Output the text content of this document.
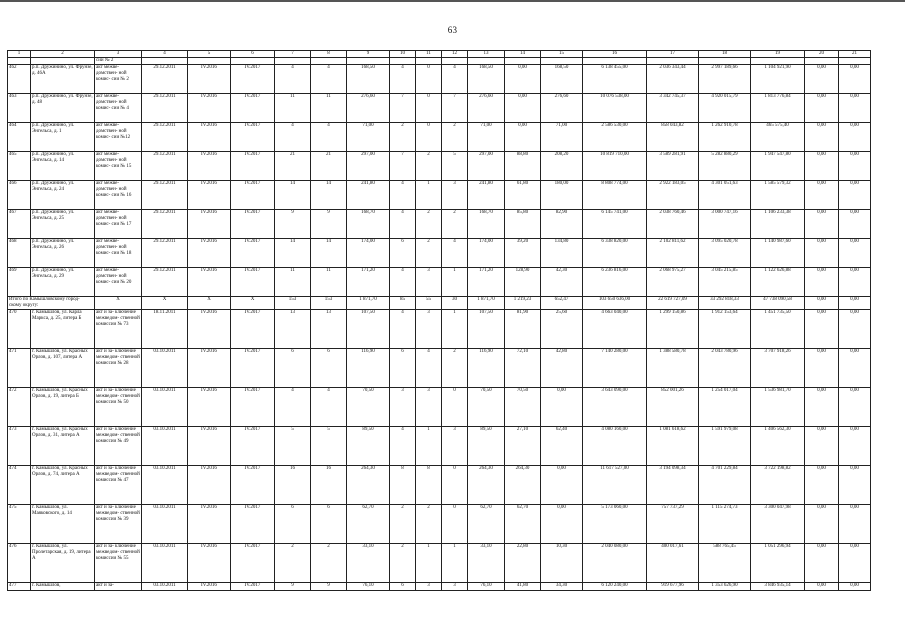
63
1	2	3	4	5	6	7	8	9	10	11	12	13	14	15	16	17	18	19	20	21
		сии № 2																		
462	р.п. Дружинино, ул. Фрунзе, д. 46А	акт межве- домствен- ной комис- сии № 2	29.12.2011	IV.2016	IV.2017	4	4	168,50	4	0	4	168,50	0,00	168,50	6 138 455,00	2 036 343,44	2 997 189,66	1 104 921,90	0,00	0,00
463	р.п. Дружинино, ул. Фрунзе, д. 48	акт межве- домствен- ной комис- сии № 4	29.12.2011	IV.2016	IV.2017	11	11	276,60	7	0	7	276,60	0,00	276,60	10 076 538,00	3 342 745,37	4 920 015,79	1 813 776,84	0,00	0,00
464	р.п. Дружинино, ул. Энгельса, д. 1	акт межве- домствен- ной комис- сии №12	29.12.2011	IV.2016	IV.2017	4	4	71,00	2	0	2	71,00	0,00	71,00	2 586 530,00	858 043,82	1 262 910,78	465 575,40	0,00	0,00
465	р.п. Дружинино, ул. Энгельса, д. 14	акт межве- домствен- ной комис- сии № 15	29.12.2011	IV.2016	IV.2017	21	21	297,00	7	2	5	297,00	88,80	208,20	10 819 710,00	3 589 281,91	5 282 880,29	1 947 547,80	0,00	0,00
466	р.п. Дружинино, ул. Энгельса, д. 24	акт межве- домствен- ной комис- сии № 16	29.12.2011	IV.2016	IV.2017	14	14	241,80	4	1	3	241,80	61,80	180,00	8 808 774,00	2 922 183,05	4 301 051,63	1 585 579,32	0,00	0,00
467	р.п. Дружинино, ул. Энгельса, д. 25	акт межве- домствен- ной комис- сии № 17	29.12.2011	IV.2016	IV.2017	9	9	168,70	4	2	2	168,70	85,80	82,90	6 145 741,00	2 038 760,46	3 000 747,16	1 106 233,38	0,00	0,00
468	р.п. Дружинино, ул. Энгельса, д. 26	акт межве- домствен- ной комис- сии № 18	29.12.2011	IV.2016	IV.2017	14	14	174,00	6	2	4	174,00	39,20	134,80	6 338 820,00	2 102 811,62	3 095 020,78	1 140 987,60	0,00	0,00
469	р.п. Дружинино, ул. Энгельса, д. 29	акт межве- домствен- ной комис- сии № 20	29.12.2011	IV.2016	IV.2017	11	11	171,20	4	3	1	171,20	128,90	42,30	6 236 816,00	2 068 975,27	3 045 215,85	1 122 626,88	0,00	0,00
Итого по Камышловскому город- скому округу:		X	X	X	X	153	153	1 871,70	85	55	30	1 871,70	1 219,23	652,47	103 650 636,00	22 619 727,09	33 292 818,33	47 738 090,58	0,00	0,00
470	г. Камышлов, ул. Карла Маркса, д. 25, литера Б	акт и за- ключение межведом- ственной комиссии № 73	18.11.2011	IV.2016	IV.2017	13	13	107,50	4	3	1	107,50	81,90	25,60	4 663 040,00	1 299 150,86	1 912 153,64	1 451 735,50	0,00	0,00
471	г. Камышлов, ул. Красных Орлов, д. 107, литера А	акт и за- ключение межведом- ственной комиссии № 28	03.10.2011	IV.2016	IV.2017	6	6	116,90	6	4	2	116,90	72,10	42,80	7 140 280,00	1 388 580,78	2 043 780,96	3 707 918,26	0,00	0,00
472	г. Камышлов, ул. Красных Орлов, д. 19, литера Б	акт и за- ключение межведом- ственной комиссии № 50	03.10.2011	IV.2016	IV.2017	4	4	70,50	3	3	0	70,50	70,50	0,00	3 643 090,00	852 001,26	1 254 017,04	1 536 981,70	0,00	0,00
473	г. Камышлов, ул. Красных Орлов, д. 31, литера А	акт и за- ключение межведом- ственной комиссии № 49	03.10.2011	IV.2016	IV.2017	5	5	89,50	4	1	3	89,50	27,10	62,40	4 080 160,00	1 081 618,62	1 591 979,08	1 406 562,30	0,00	0,00
474	г. Камышлов, ул. Красных Орлов, д. 74, литера А	акт и за- ключение межведом- ственной комиссии № 47	03.10.2011	IV.2016	IV.2017	16	16	264,30	8	8	0	264,30	264,30	0,00	11 617 527,00	3 194 098,34	4 701 229,84	3 722 198,82	0,00	0,00
475	г. Камышлов, ул. Маяковского, д. 14	акт и за- ключение межведом- ственной комиссии № 39	03.10.2011	IV.2016	IV.2017	6	6	62,70	2	2	0	62,70	62,70	0,00	5 173 060,00	757 737,29	1 115 274,73	3 300 047,98	0,00	0,00
476	г. Камышлов, ул. Пролетарская, д. 19, литера А	акт и за- ключение межведом- ственной комиссии № 55	03.10.2011	IV.2016	IV.2017	2	2	33,10	2	1	1	33,10	22,80	10,30	2 040 080,00	400 017,61	588 765,45	1 051 296,94	0,00	0,00
477	г. Камышлов,	акт и за-	03.10.2011	IV.2016	IV.2017	9	9	76,10	6	3	3	76,10	41,80	34,30	6 120 240,00	919 677,96	1 353 626,90	3 846 935,14	0,00	0,00
